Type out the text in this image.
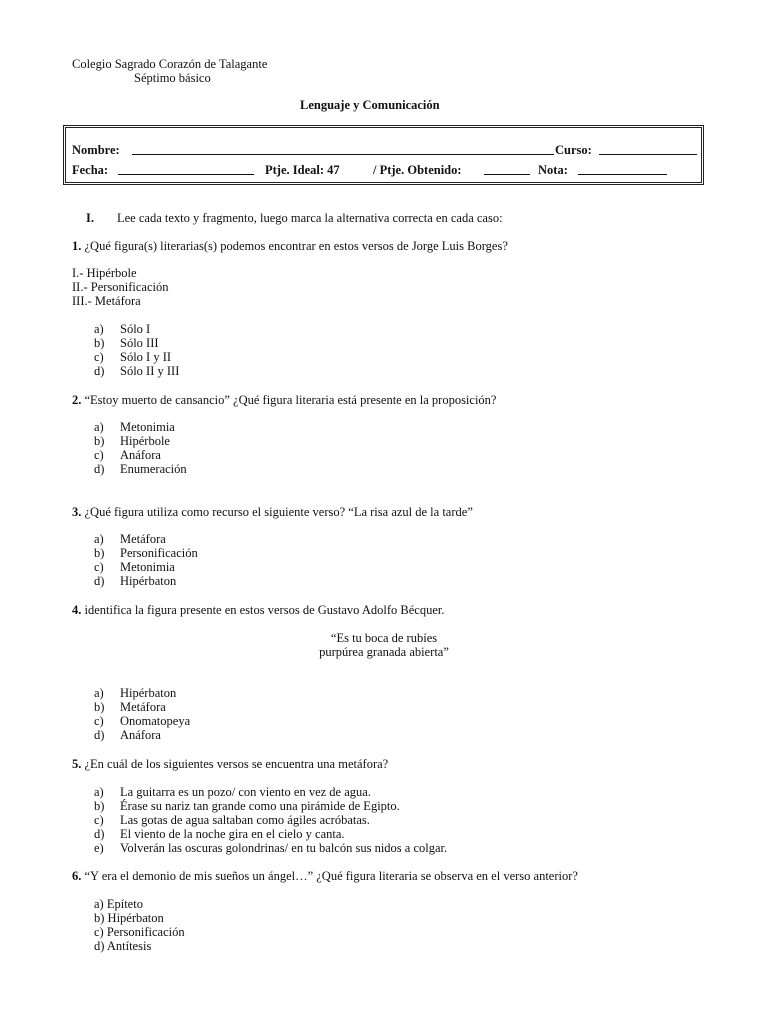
Colegio Sagrado Corazón de Talagante
Séptimo básico
Lenguaje y Comunicación
Nombre:	Curso:
Fecha:	Ptje. Ideal: 47	/ Ptje. Obtenido:	Nota:
I. Lee cada texto y fragmento, luego marca la alternativa correcta en cada caso:
1. ¿Qué figura(s) literarias(s) podemos encontrar en estos versos de Jorge Luis Borges?
I.- Hipérbole
II.- Personificación
III.- Metáfora
a) Sólo I
b) Sólo III
c) Sólo I y II
d) Sólo II y III
2. “Estoy muerto de cansancio” ¿Qué figura literaria está presente en la proposición?
a) Metonimia
b) Hipérbole
c) Anáfora
d) Enumeración
3. ¿Qué figura utiliza como recurso el siguiente verso? “La risa azul de la tarde”
a) Metáfora
b) Personificación
c) Metonimia
d) Hipérbaton
4. identifica la figura presente en estos versos de Gustavo Adolfo Bécquer.
“Es tu boca de rubíes
purpúrea granada abierta”
a) Hipérbaton
b) Metáfora
c) Onomatopeya
d) Anáfora
5. ¿En cuál de los siguientes versos se encuentra una metáfora?
a) La guitarra es un pozo/ con viento en vez de agua.
b) Érase su nariz tan grande como una pirámide de Egipto.
c) Las gotas de agua saltaban como ágiles acróbatas.
d) El viento de la noche gira en el cielo y canta.
e) Volverán las oscuras golondrinas/ en tu balcón sus nidos a colgar.
6. “Y era el demonio de mis sueños un ángel…” ¿Qué figura literaria se observa en el verso anterior?
a) Epíteto
b) Hipérbaton
c) Personificación
d) Antítesis
